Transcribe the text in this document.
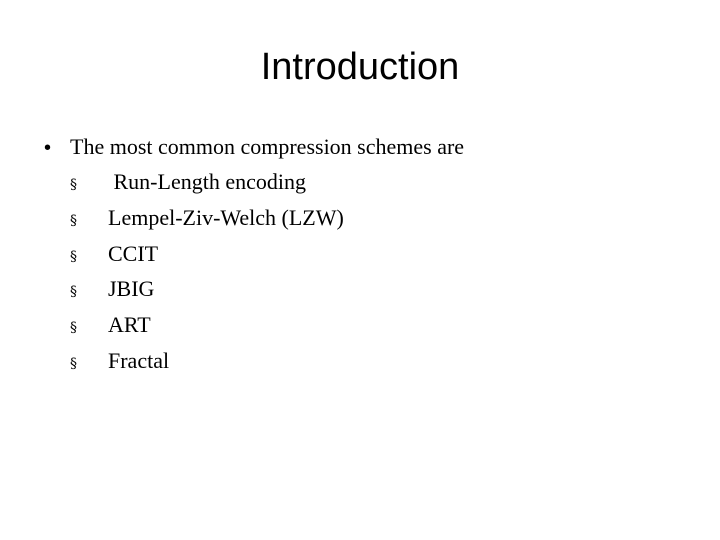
Introduction
• The most common compression schemes are
§	Run-Length encoding
§	Lempel-Ziv-Welch (LZW)
§	CCIT
§	JBIG
§	ART
§	Fractal
